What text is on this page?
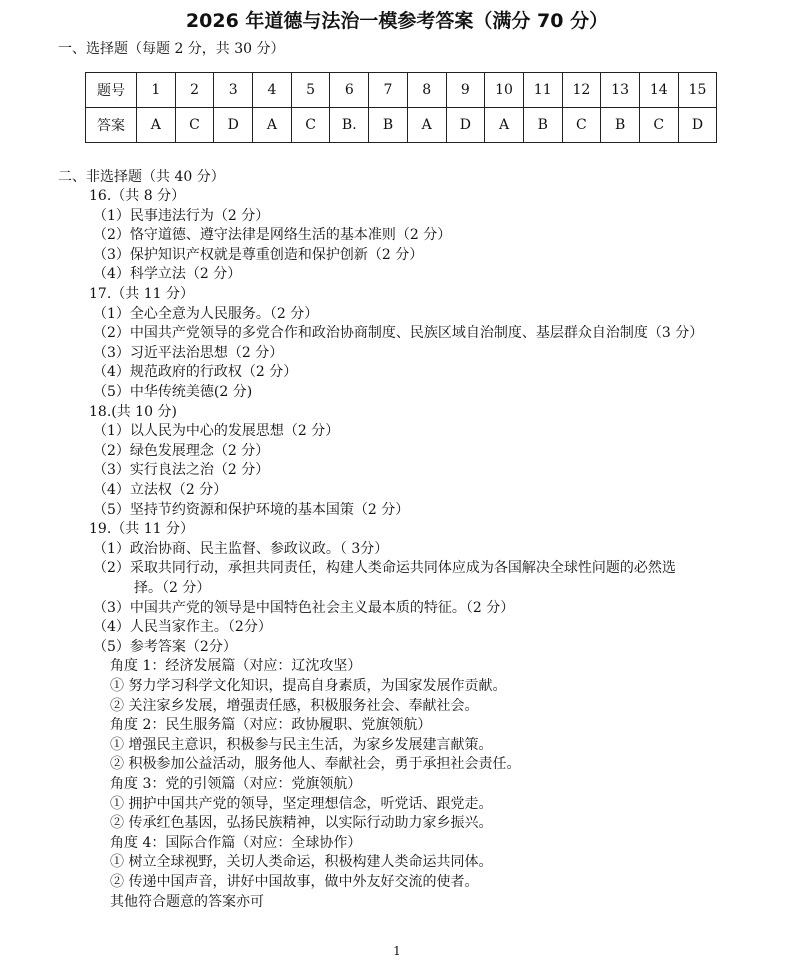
2026 年道德与法治一模参考答案（满分 70 分）
一、选择题（每题 2 分，共 30 分）
题号	1	2	3	4	5	6	7	8	9	10	11	12	13	14	15
答案	A	C	D	A	C	B.	B	A	D	A	B	C	B	C	D
二、非选择题（共 40 分）
16.（共 8 分）
（1）民事违法行为（2 分）
（2）恪守道德、遵守法律是网络生活的基本准则（2 分）
（3）保护知识产权就是尊重创造和保护创新（2 分）
（4）科学立法（2 分）
17.（共 11 分）
（1）全心全意为人民服务。（2 分）
（2）中国共产党领导的多党合作和政治协商制度、民族区域自治制度、基层群众自治制度（3 分）
（3）习近平法治思想（2 分）
（4）规范政府的行政权（2 分）
（5）中华传统美德(2 分)
18.(共 10 分)
（1）以人民为中心的发展思想（2 分）
（2）绿色发展理念（2 分）
（3）实行良法之治（2 分）
（4）立法权（2 分）
（5）坚持节约资源和保护环境的基本国策（2 分）
19.（共 11 分）
（1）政治协商、民主监督、参政议政。（ 3分）
（2）采取共同行动，承担共同责任，构建人类命运共同体应成为各国解决全球性问题的必然选
择。（2 分）
（3）中国共产党的领导是中国特色社会主义最本质的特征。（2 分）
（4）人民当家作主。（2分）
（5）参考答案（2分）
角度 1：经济发展篇（对应：辽沈攻坚）
① 努力学习科学文化知识，提高自身素质，为国家发展作贡献。
② 关注家乡发展，增强责任感，积极服务社会、奉献社会。
角度 2：民生服务篇（对应：政协履职、党旗领航）
① 增强民主意识，积极参与民主生活，为家乡发展建言献策。
② 积极参加公益活动，服务他人、奉献社会，勇于承担社会责任。
角度 3：党的引领篇（对应：党旗领航）
① 拥护中国共产党的领导，坚定理想信念，听党话、跟党走。
② 传承红色基因，弘扬民族精神，以实际行动助力家乡振兴。
角度 4：国际合作篇（对应：全球协作）
① 树立全球视野，关切人类命运，积极构建人类命运共同体。
② 传递中国声音，讲好中国故事，做中外友好交流的使者。
其他符合题意的答案亦可
1
